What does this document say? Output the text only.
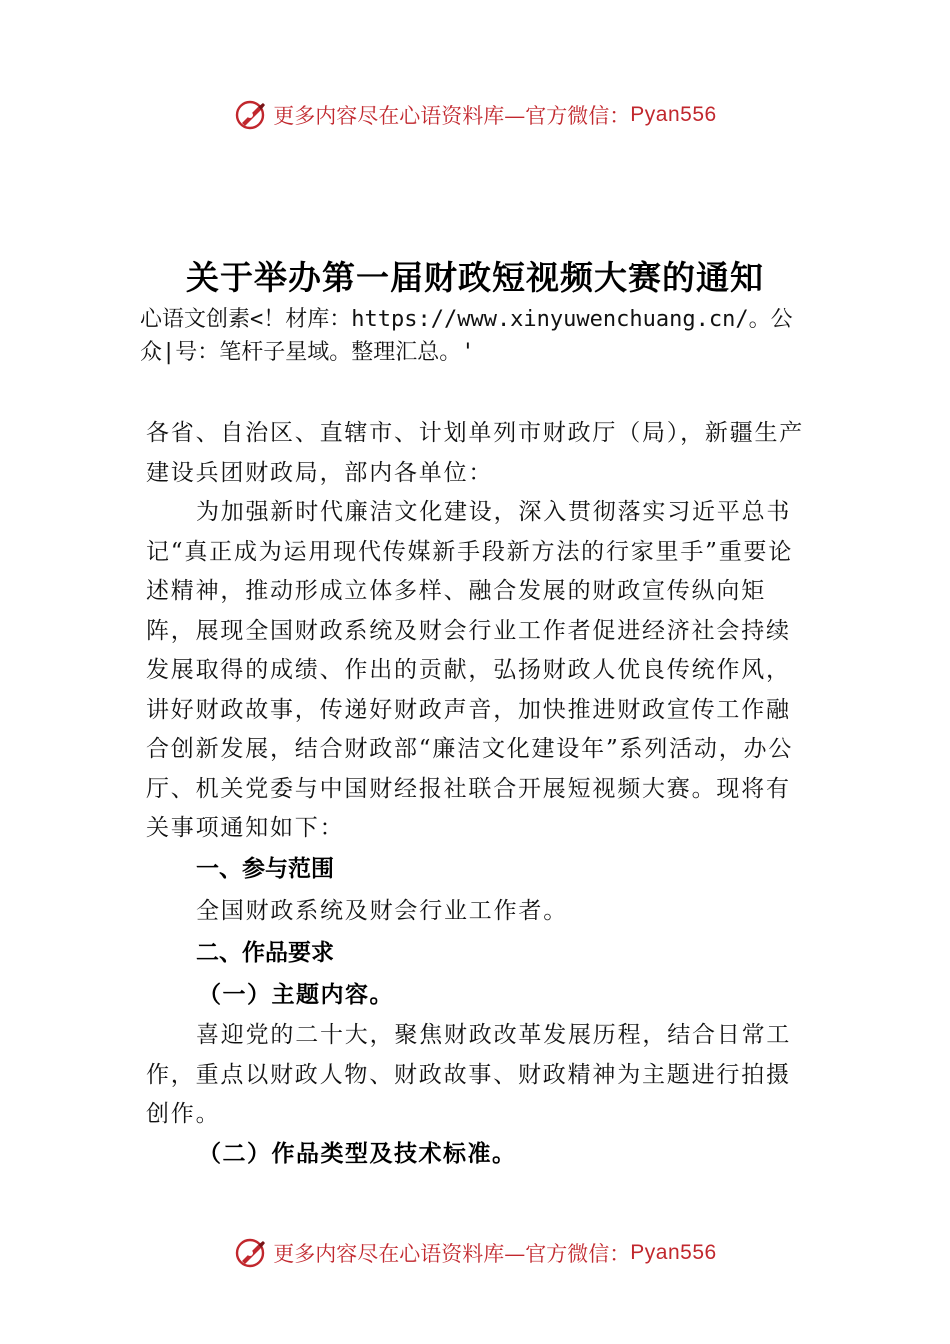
更多内容尽在心语资料库—官方微信： Pyan556
关于举办第一届财政短视频大赛的通知
心语文创素<！材库：https://www.xinyuwenchuang.cn/。公众|号：笔杆子星域。整理汇总。'
各省、自治区、直辖市、计划单列市财政厅（局），新疆生产建设兵团财政局，部内各单位：
为加强新时代廉洁文化建设，深入贯彻落实习近平总书记“真正成为运用现代传媒新手段新方法的行家里手”重要论述精神，推动形成立体多样、融合发展的财政宣传纵向矩阵，展现全国财政系统及财会行业工作者促进经济社会持续发展取得的成绩、作出的贡献，弘扬财政人优良传统作风， 讲好财政故事，传递好财政声音，加快推进财政宣传工作融合创新发展，结合财政部“廉洁文化建设年”系列活动，办公厅、机关党委与中国财经报社联合开展短视频大赛。现将有关事项通知如下：
一、参与范围
全国财政系统及财会行业工作者。
二、作品要求
（一）主题内容。
喜迎党的二十大，聚焦财政改革发展历程，结合日常工作，重点以财政人物、财政故事、财政精神为主题进行拍摄创作。
（二）作品类型及技术标准。
更多内容尽在心语资料库—官方微信： Pyan556
